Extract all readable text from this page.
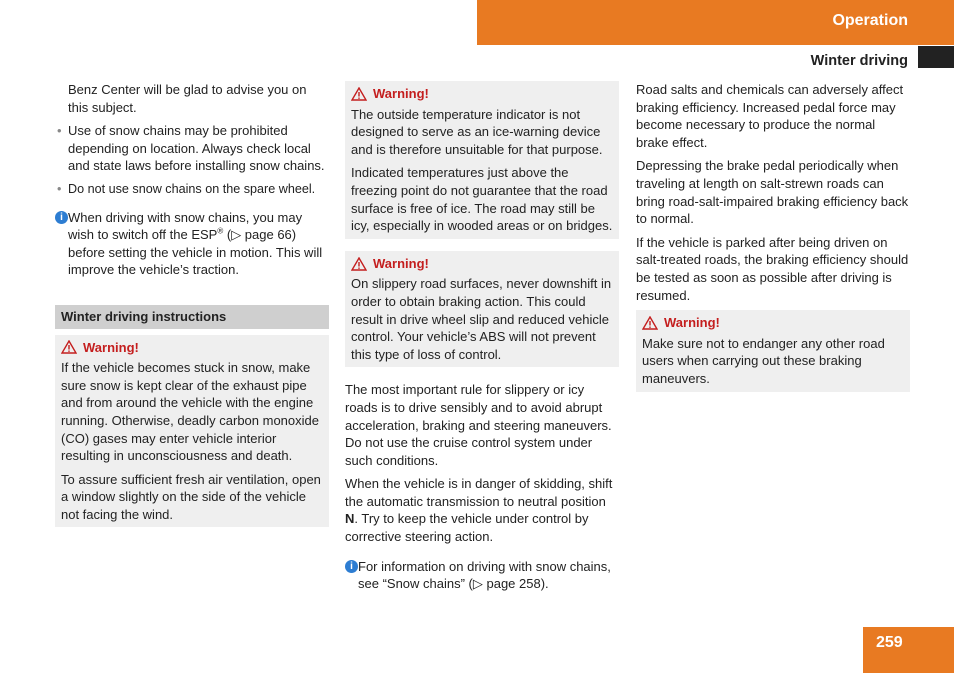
Operation
Winter driving

Benz Center will be glad to advise you on this subject.

• Use of snow chains may be prohibited depending on location. Always check local and state laws before installing snow chains.
• Do not use snow chains on the spare wheel.
i When driving with snow chains, you may wish to switch off the ESP® (▷ page 66) before setting the vehicle in motion. This will improve the vehicle’s traction.
Winter driving instructions
Warning!

If the vehicle becomes stuck in snow, make sure snow is kept clear of the exhaust pipe and from around the vehicle with the engine running. Otherwise, deadly carbon monoxide (CO) gases may enter vehicle interior resulting in unconsciousness and death.

To assure sufficient fresh air ventilation, open a window slightly on the side of the vehicle not facing the wind.

Warning!

The outside temperature indicator is not designed to serve as an ice-warning device and is therefore unsuitable for that purpose.

Indicated temperatures just above the freezing point do not guarantee that the road surface is free of ice. The road may still be icy, especially in wooded areas or on bridges.

Warning!

On slippery road surfaces, never downshift in order to obtain braking action. This could result in drive wheel slip and reduced vehicle control. Your vehicle’s ABS will not prevent this type of loss of control.

The most important rule for slippery or icy roads is to drive sensibly and to avoid abrupt acceleration, braking and steering maneuvers. Do not use the cruise control system under such conditions.

When the vehicle is in danger of skidding, shift the automatic transmission to neutral position N. Try to keep the vehicle under control by corrective steering action.

i For information on driving with snow chains, see “Snow chains” (▷ page 258).

Road salts and chemicals can adversely affect braking efficiency. Increased pedal force may become necessary to produce the normal brake effect.

Depressing the brake pedal periodically when traveling at length on salt-strewn roads can bring road-salt-impaired braking efficiency back to normal.

If the vehicle is parked after being driven on salt-treated roads, the braking efficiency should be tested as soon as possible after driving is resumed.

Warning!

Make sure not to endanger any other road users when carrying out these braking maneuvers.

259
